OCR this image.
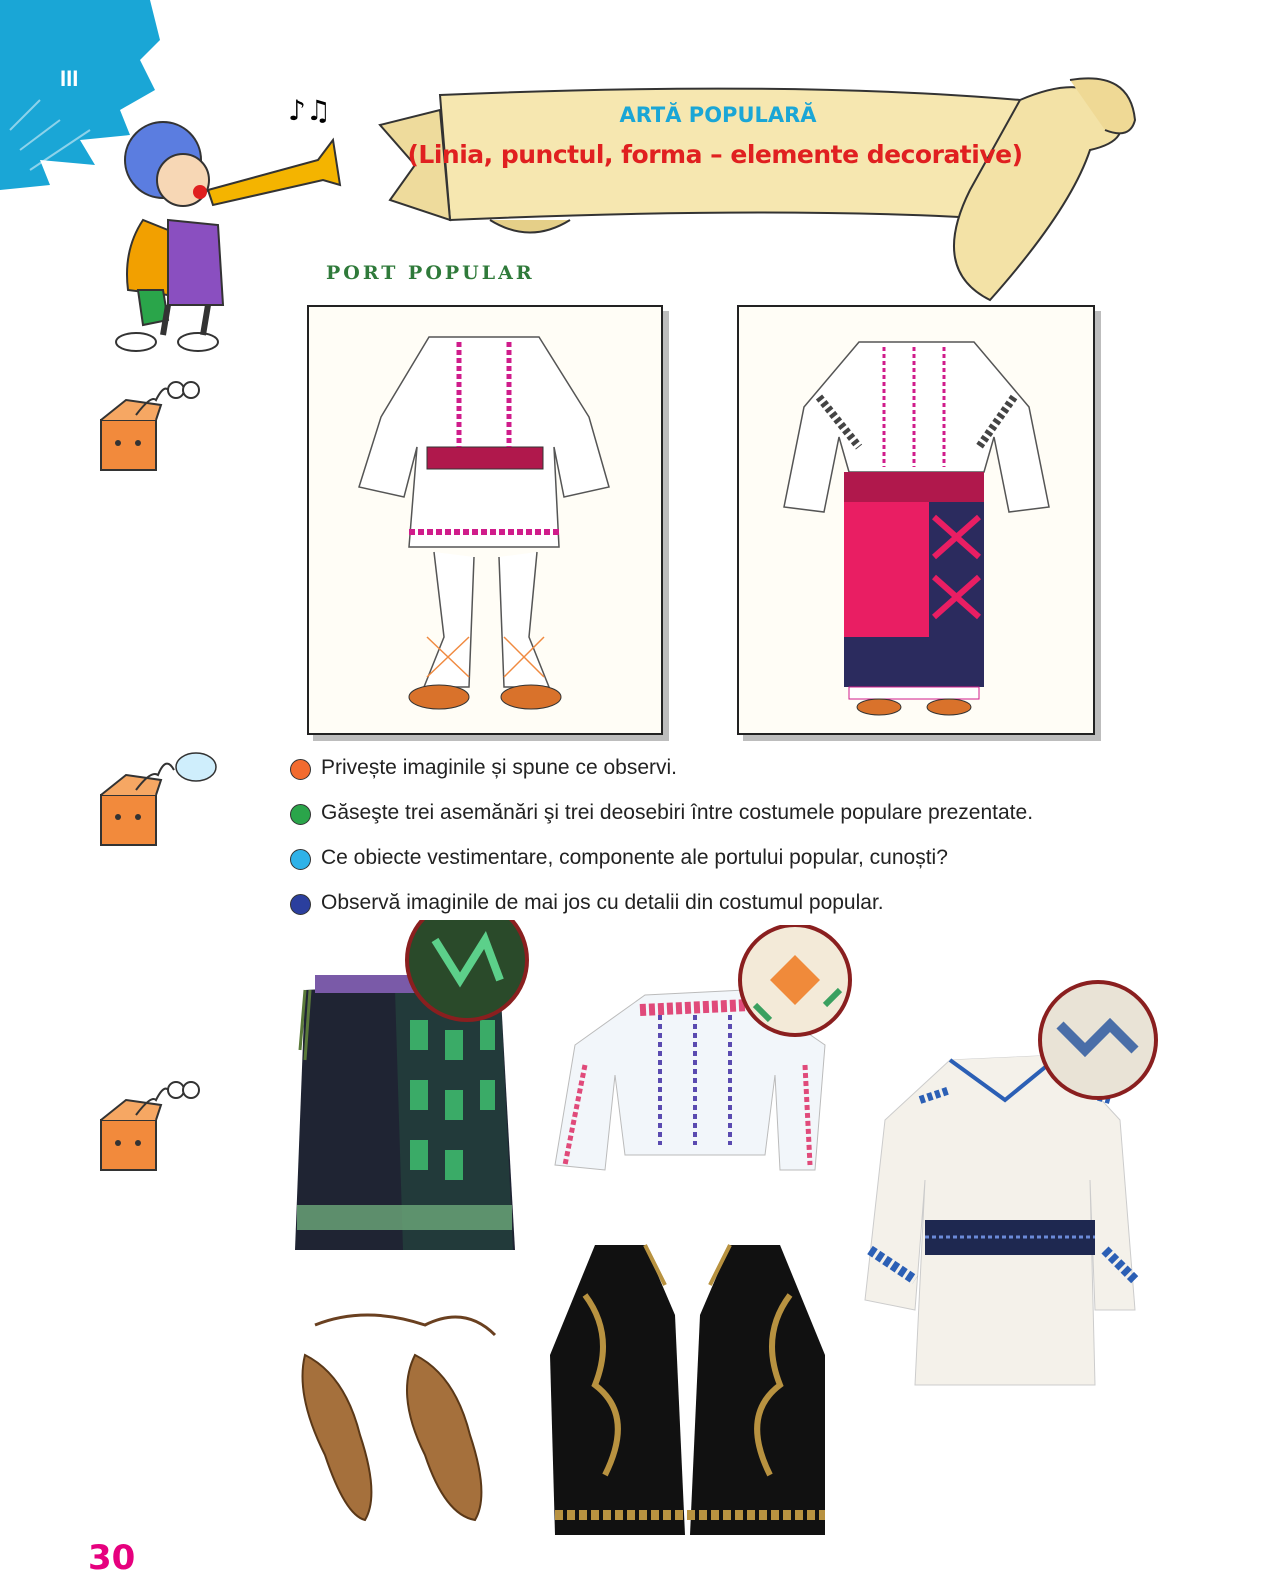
III
♪♫	ARTĂ POPULARĂ
(Linia, punctul, forma – elemente decorative)
PORT POPULAR
Privește imaginile și spune ce observi.
Găseşte trei asemănări şi trei deosebiri între costumele populare prezentate.
Ce obiecte vestimentare, componente ale portului popular, cunoști?
Observă imaginile de mai jos cu detalii din costumul popular.
30
